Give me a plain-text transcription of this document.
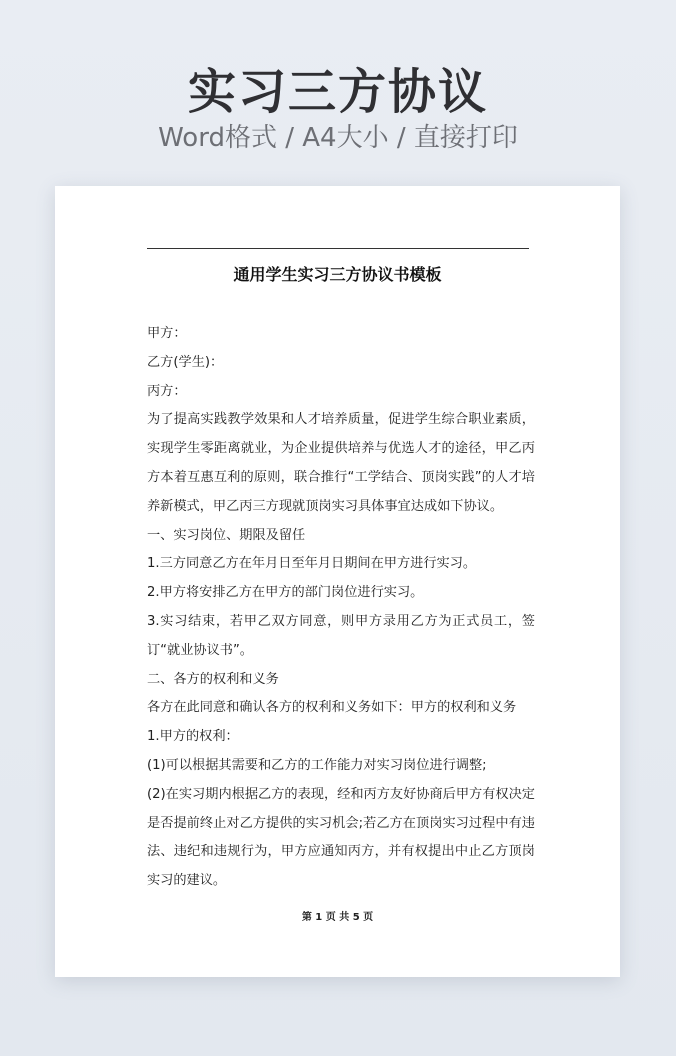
实习三方协议
Word格式 / A4大小 / 直接打印
通用学生实习三方协议书模板

甲方：

乙方(学生)：

丙方：

为了提高实践教学效果和人才培养质量，促进学生综合职业素质，实现学生零距离就业，为企业提供培养与优选人才的途径，甲乙丙方本着互惠互利的原则，联合推行“工学结合、顶岗实践”的人才培养新模式，甲乙丙三方现就顶岗实习具体事宜达成如下协议。

一、实习岗位、期限及留任

1.三方同意乙方在年月日至年月日期间在甲方进行实习。

2.甲方将安排乙方在甲方的部门岗位进行实习。

3.实习结束，若甲乙双方同意，则甲方录用乙方为正式员工，签订“就业协议书”。

二、各方的权利和义务

各方在此同意和确认各方的权利和义务如下：甲方的权利和义务

1.甲方的权利：

(1)可以根据其需要和乙方的工作能力对实习岗位进行调整;

(2)在实习期内根据乙方的表现，经和丙方友好协商后甲方有权决定是否提前终止对乙方提供的实习机会;若乙方在顶岗实习过程中有违法、违纪和违规行为，甲方应通知丙方，并有权提出中止乙方顶岗实习的建议。

第 1 页 共 5 页
